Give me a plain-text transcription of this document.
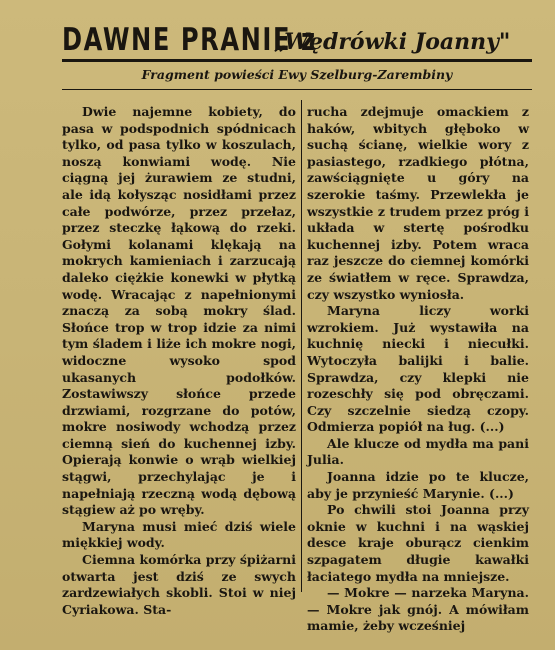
DAWNE PRANIE z
„Wędrówki Joanny"
Fragment powieści Ewy Szelburg-Zarembiny

Dwie najemne kobiety, do pasa w podspodnich spódnicach tylko, od pasa tylko w koszulach, noszą konwiami wodę. Nie ciągną jej żurawiem ze studni, ale idą kołysząc nosidłami przez całe podwórze, przez przełaz, przez steczkę łąkową do rzeki. Gołymi kolanami klękają na mokrych kamieniach i zarzucają daleko ciężkie konewki w płytką wodę. Wracając z napełnionymi znaczą za sobą mokry ślad. Słońce trop w trop idzie za nimi tym śladem i liże ich mokre nogi, widoczne wysoko spod ukasanych podołków. Zostawiwszy słońce przede drzwiami, rozgrzane do potów, mokre nosiwody wchodzą przez ciemną sień do kuchennej izby. Opierają konwie o wrąb wielkiej stągwi, przechylając je i napełniają rzeczną wodą dębową stągiew aż po wręby.

Maryna musi mieć dziś wiele miękkiej wody.

Ciemna komórka przy śpiżarni otwarta jest dziś ze swych zardzewiałych skobli. Stoi w niej Cyriakowa. Sta-

rucha zdejmuje omackiem z haków, wbitych głęboko w suchą ścianę, wielkie wory z pasiastego, rzadkiego płótna, zawściągnięte u góry na szerokie taśmy. Przewlekła je wszystkie z trudem przez próg i układa w stertę pośrodku kuchennej izby. Potem wraca raz jeszcze do ciemnej komórki ze światłem w ręce. Sprawdza, czy wszystko wyniosła.

Maryna liczy worki wzrokiem. Już wystawiła na kuchnię niecki i niecułki. Wytoczyła balijki i balie. Sprawdza, czy klepki nie rozeschły się pod obręczami. Czy szczelnie siedzą czopy. Odmierza popiół na ług. (...)

Ale klucze od mydła ma pani Julia.

Joanna idzie po te klucze, aby je przynieść Marynie. (...)

Po chwili stoi Joanna przy oknie w kuchni i na wąskiej desce kraje oburącz cienkim szpagatem długie kawałki łaciatego mydła na mniejsze.

— Mokre — narzeka Maryna. — Mokre jak gnój. A mówiłam mamie, żeby wcześniej
